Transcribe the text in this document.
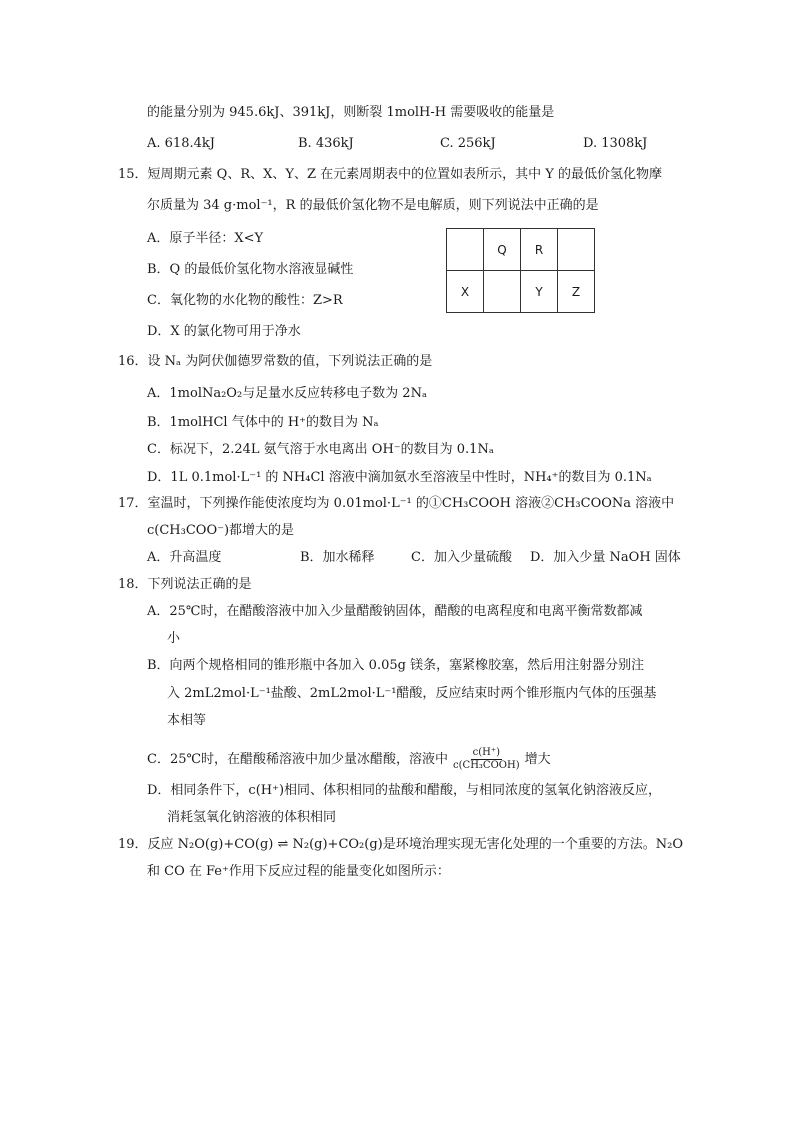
的能量分别为 945.6kJ、391kJ，则断裂 1molH-H 需要吸收的能量是
A. 618.4kJ	B. 436kJ	C. 256kJ	D. 1308kJ
15．短周期元素 Q、R、X、Y、Z 在元素周期表中的位置如表所示，其中 Y 的最低价氢化物摩
尔质量为 34 g·mol⁻¹，R 的最低价氢化物不是电解质，则下列说法中正确的是
A．原子半径：X<Y
B．Q 的最低价氢化物水溶液显碱性
C．氧化物的水化物的酸性：Z>R
D．X 的氯化物可用于净水
	Q	R	
X		Y	Z
16．设 Nₐ 为阿伏伽德罗常数的值，下列说法正确的是
A．1molNa₂O₂与足量水反应转移电子数为 2Nₐ
B．1molHCl 气体中的 H⁺的数目为 Nₐ
C．标况下，2.24L 氨气溶于水电离出 OH⁻的数目为 0.1Nₐ
D．1L 0.1mol·L⁻¹ 的 NH₄Cl 溶液中滴加氨水至溶液呈中性时，NH₄⁺的数目为 0.1Nₐ
17．室温时，下列操作能使浓度均为 0.01mol·L⁻¹ 的①CH₃COOH 溶液②CH₃COONa 溶液中
c(CH₃COO⁻)都增大的是
A．升高温度	B．加水稀释	C．加入少量硫酸 D．加入少量 NaOH 固体
18．下列说法正确的是
A．25℃时，在醋酸溶液中加入少量醋酸钠固体，醋酸的电离程度和电离平衡常数都减
小
B．向两个规格相同的锥形瓶中各加入 0.05g 镁条，塞紧橡胶塞，然后用注射器分别注
入 2mL2mol·L⁻¹盐酸、2mL2mol·L⁻¹醋酸，反应结束时两个锥形瓶内气体的压强基
本相等
C．25℃时，在醋酸稀溶液中加少量冰醋酸，溶液中 $\frac{c(H^+)}{\text{c(CH₃COOH)}}$ 增大
D．相同条件下，c(H⁺)相同、体积相同的盐酸和醋酸，与相同浓度的氢氧化钠溶液反应，
消耗氢氧化钠溶液的体积相同
19．反应 N₂O(g)+CO(g) ⇌ N₂(g)+CO₂(g)是环境治理实现无害化处理的一个重要的方法。N₂O
和 CO 在 Fe⁺作用下反应过程的能量变化如图所示：
